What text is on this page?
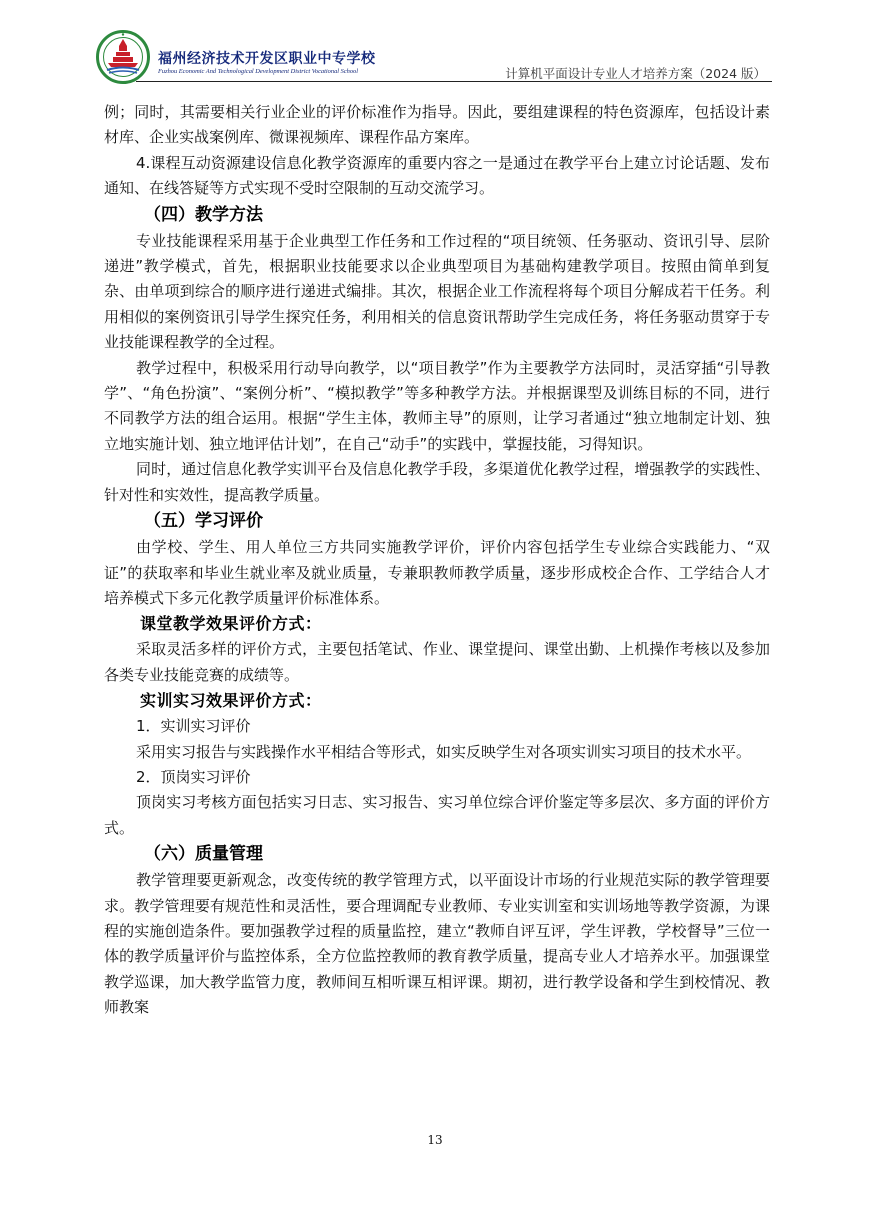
福州经济技术开发区职业中专学校
Fuzhou Economic And Technological Development District Vocational School	计算机平面设计专业人才培养方案（2024 版）

例；同时，其需要相关行业企业的评价标准作为指导。因此，要组建课程的特色资源库，包括设计素材库、企业实战案例库、微课视频库、课程作品方案库。

4.课程互动资源建设信息化教学资源库的重要内容之一是通过在教学平台上建立讨论话题、发布通知、在线答疑等方式实现不受时空限制的互动交流学习。

（四）教学方法

专业技能课程采用基于企业典型工作任务和工作过程的“项目统领、任务驱动、资讯引导、层阶递进”教学模式，首先，根据职业技能要求以企业典型项目为基础构建教学项目。按照由简单到复杂、由单项到综合的顺序进行递进式编排。其次，根据企业工作流程将每个项目分解成若干任务。利用相似的案例资讯引导学生探究任务，利用相关的信息资讯帮助学生完成任务，将任务驱动贯穿于专业技能课程教学的全过程。

教学过程中，积极采用行动导向教学，以“项目教学”作为主要教学方法同时，灵活穿插“引导教学”、“角色扮演”、“案例分析”、“模拟教学”等多种教学方法。并根据课型及训练目标的不同，进行不同教学方法的组合运用。根据“学生主体，教师主导”的原则，让学习者通过“独立地制定计划、独立地实施计划、独立地评估计划”，在自己“动手”的实践中，掌握技能，习得知识。

同时，通过信息化教学实训平台及信息化教学手段，多渠道优化教学过程，增强教学的实践性、针对性和实效性，提高教学质量。

（五）学习评价

由学校、学生、用人单位三方共同实施教学评价，评价内容包括学生专业综合实践能力、“双证”的获取率和毕业生就业率及就业质量，专兼职教师教学质量，逐步形成校企合作、工学结合人才培养模式下多元化教学质量评价标准体系。

课堂教学效果评价方式：

采取灵活多样的评价方式，主要包括笔试、作业、课堂提问、课堂出勤、上机操作考核以及参加各类专业技能竞赛的成绩等。

实训实习效果评价方式：

1．实训实习评价

采用实习报告与实践操作水平相结合等形式，如实反映学生对各项实训实习项目的技术水平。

2．顶岗实习评价

顶岗实习考核方面包括实习日志、实习报告、实习单位综合评价鉴定等多层次、多方面的评价方式。

（六）质量管理

教学管理要更新观念，改变传统的教学管理方式，以平面设计市场的行业规范实际的教学管理要求。教学管理要有规范性和灵活性，要合理调配专业教师、专业实训室和实训场地等教学资源，为课程的实施创造条件。要加强教学过程的质量监控，建立“教师自评互评，学生评教，学校督导”三位一体的教学质量评价与监控体系，全方位监控教师的教育教学质量，提高专业人才培养水平。加强课堂教学巡课，加大教学监管力度，教师间互相听课互相评课。期初，进行教学设备和学生到校情况、教师教案

13
